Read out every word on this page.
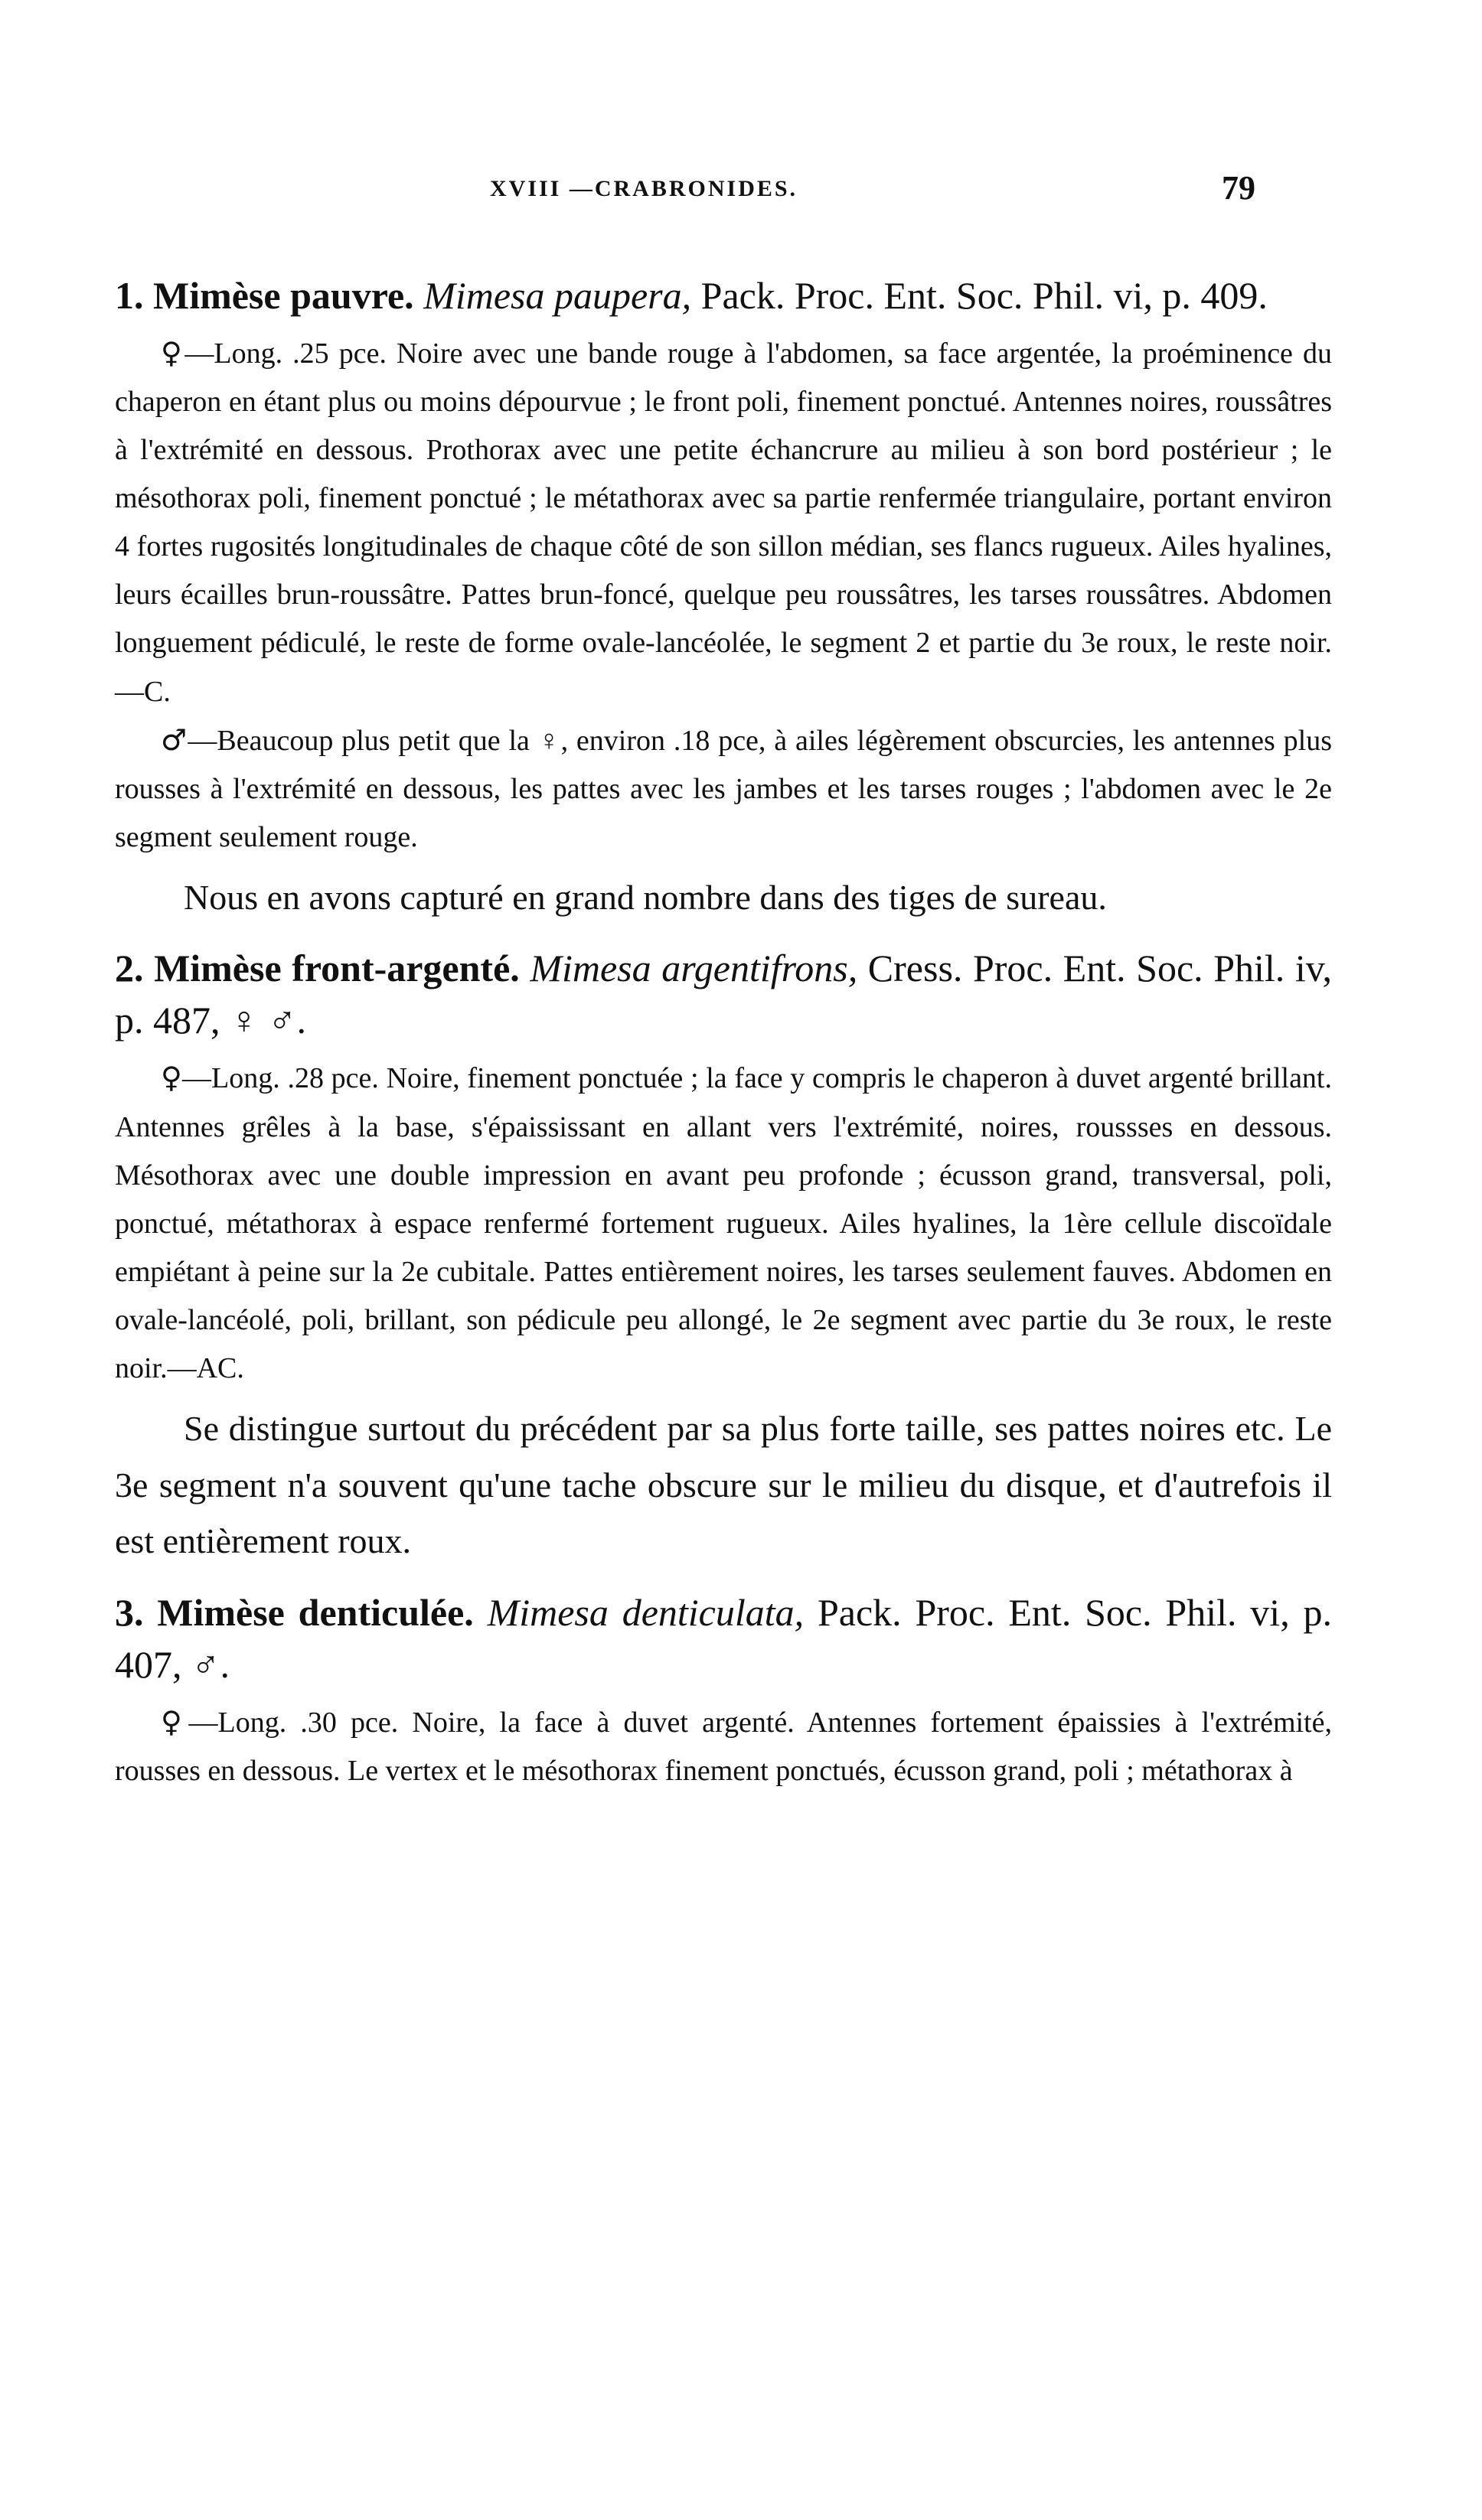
XVIII —CRABRONIDES.	79

1. Mimèse pauvre. Mimesa paupera, Pack. Proc. Ent. Soc. Phil. vi, p. 409.

♀—Long. .25 pce. Noire avec une bande rouge à l'abdomen, sa face argentée, la proéminence du chaperon en étant plus ou moins dépourvue ; le front poli, finement ponctué. Antennes noires, roussâtres à l'extrémité en dessous. Prothorax avec une petite échancrure au milieu à son bord postérieur ; le mésothorax poli, finement ponctué ; le métathorax avec sa partie renfermée triangulaire, portant environ 4 fortes rugosités longitudinales de chaque côté de son sillon médian, ses flancs rugueux. Ailes hyalines, leurs écailles brun-roussâtre. Pattes brun-foncé, quelque peu roussâtres, les tarses roussâtres. Abdomen longuement pédiculé, le reste de forme ovale-lancéolée, le segment 2 et partie du 3e roux, le reste noir.—C.

♂—Beaucoup plus petit que la ♀, environ .18 pce, à ailes légèrement obscurcies, les antennes plus rousses à l'extrémité en dessous, les pattes avec les jambes et les tarses rouges ; l'abdomen avec le 2e segment seulement rouge.

Nous en avons capturé en grand nombre dans des tiges de sureau.

2. Mimèse front-argenté. Mimesa argentifrons, Cress. Proc. Ent. Soc. Phil. iv, p. 487, ♀ ♂.

♀—Long. .28 pce. Noire, finement ponctuée ; la face y compris le chaperon à duvet argenté brillant. Antennes grêles à la base, s'épaississant en allant vers l'extrémité, noires, roussses en dessous. Mésothorax avec une double impression en avant peu profonde ; écusson grand, transversal, poli, ponctué, métathorax à espace renfermé fortement rugueux. Ailes hyalines, la 1ère cellule discoïdale empiétant à peine sur la 2e cubitale. Pattes entièrement noires, les tarses seulement fauves. Abdomen en ovale-lancéolé, poli, brillant, son pédicule peu allongé, le 2e segment avec partie du 3e roux, le reste noir.—AC.

Se distingue surtout du précédent par sa plus forte taille, ses pattes noires etc. Le 3e segment n'a souvent qu'une tache obscure sur le milieu du disque, et d'autrefois il est entièrement roux.

3. Mimèse denticulée. Mimesa denticulata, Pack. Proc. Ent. Soc. Phil. vi, p. 407, ♂.

♀—Long. .30 pce. Noire, la face à duvet argenté. Antennes fortement épaissies à l'extrémité, rousses en dessous. Le vertex et le mésothorax finement ponctués, écusson grand, poli ; métathorax à
